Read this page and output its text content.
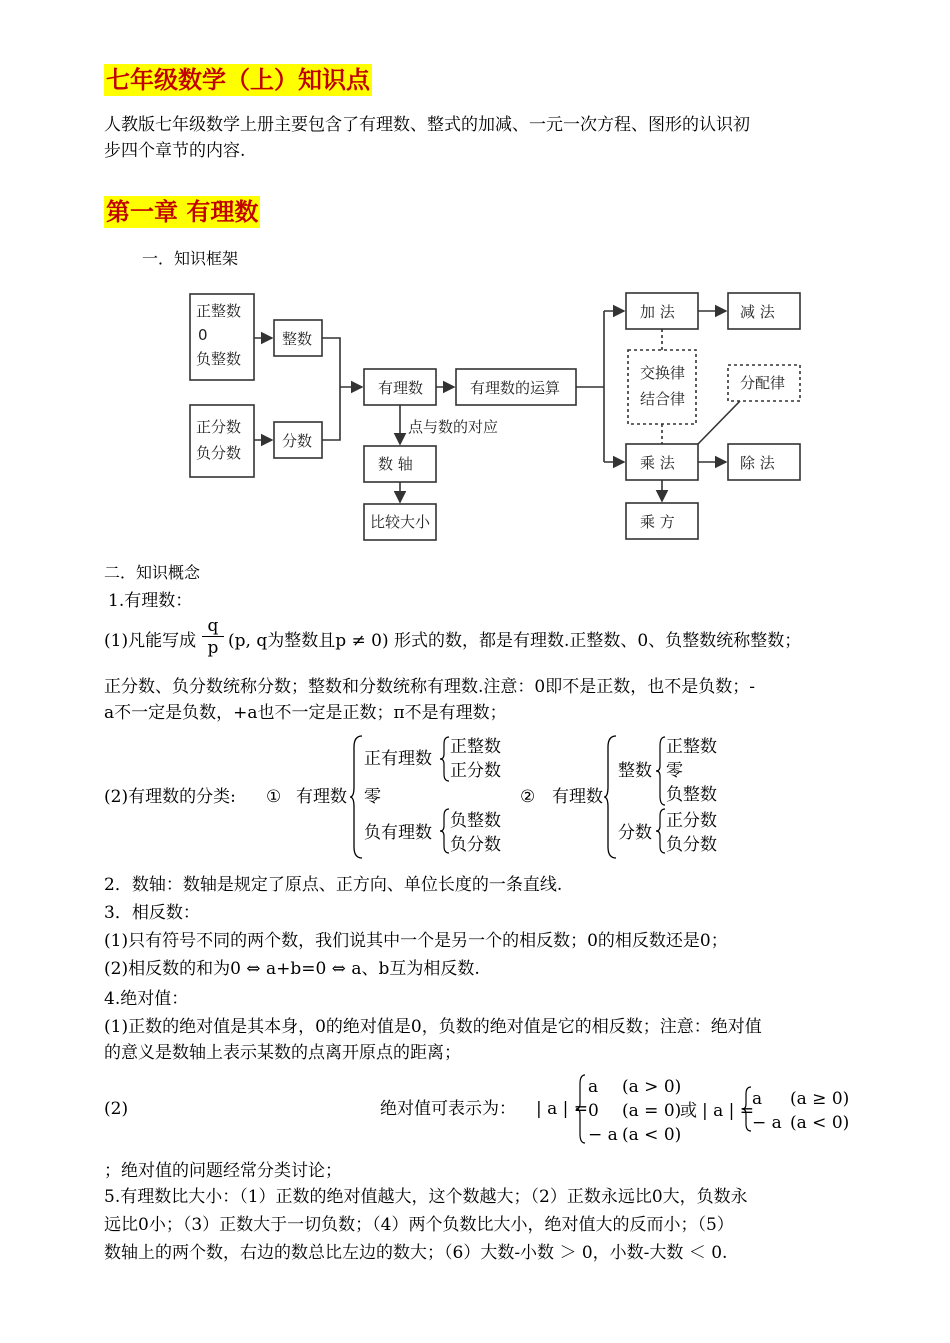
七年级数学（上）知识点
人教版七年级数学上册主要包含了有理数、整式的加减、一元一次方程、图形的认识初
步四个章节的内容.
第一章 有理数
一．知识框架
正整数
0
负整数
整数
正分数
负分数
分数
有理数	有理数的运算
点与数的对应
数 轴
比较大小
加 法	减 法
交换律
结合律
分配律
乘 法	除 法
乘 方
二．知识概念
1.有理数：
(1)凡能写成
q
p (p, q为整数且p ≠ 0) 形式的数，都是有理数.正整数、0、负整数统称整数；
正分数、负分数统称分数；整数和分数统称有理数.注意：0即不是正数，也不是负数；-
a不一定是负数，+a也不一定是正数；π不是有理数；
(2)有理数的分类: ① 有理数
正有理数
零
负有理数
正整数
正分数
负整数
负分数
② 有理数
整数
分数
正整数
零
负整数
正分数
负分数
2．数轴：数轴是规定了原点、正方向、单位长度的一条直线.
3．相反数：
(1)只有符号不同的两个数，我们说其中一个是另一个的相反数；0的相反数还是0；
(2)相反数的和为0 ⇔ a+b=0 ⇔ a、b互为相反数.
4.绝对值：
(1)正数的绝对值是其本身，0的绝对值是0，负数的绝对值是它的相反数；注意：绝对值
的意义是数轴上表示某数的点离开原点的距离；
(2)	绝对值可表示为： | a | =
a (a > 0)
0 (a = 0)
− a (a < 0)
或 | a | =
a (a ≥ 0)
− a (a < 0)
；绝对值的问题经常分类讨论；
5.有理数比大小：（1）正数的绝对值越大，这个数越大；（2）正数永远比0大，负数永
远比0小；（3）正数大于一切负数；（4）两个负数比大小，绝对值大的反而小；（5）
数轴上的两个数，右边的数总比左边的数大；（6）大数-小数 ＞ 0，小数-大数 ＜ 0.
